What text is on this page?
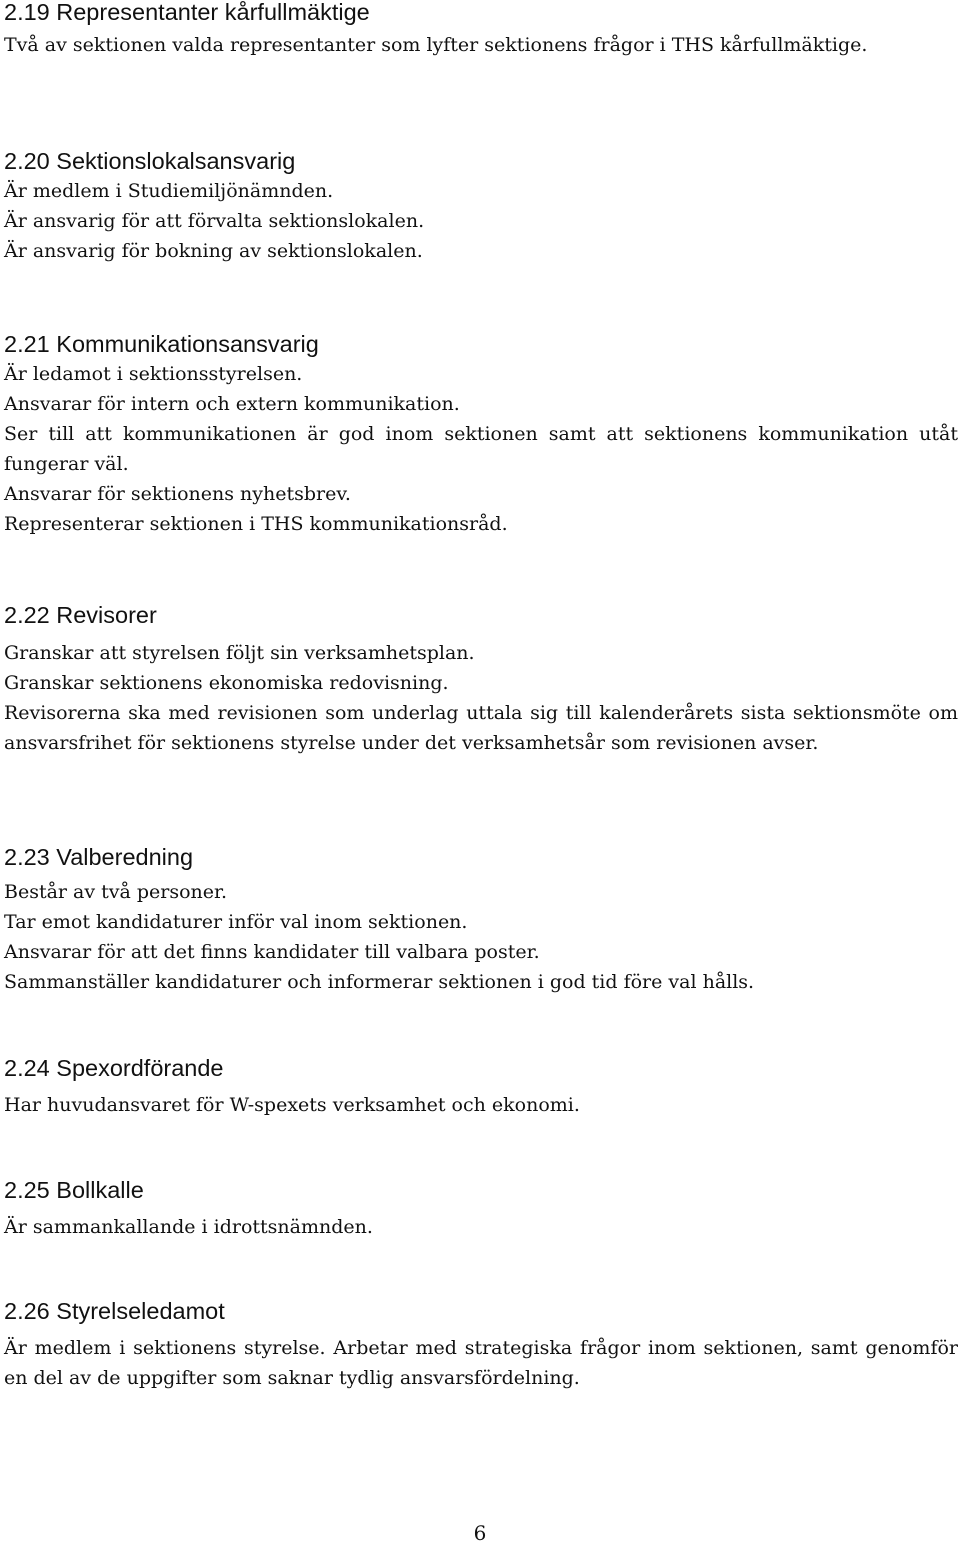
2.19 Representanter kårfullmäktige
Två av sektionen valda representanter som lyfter sektionens frågor i THS kårfullmäktige.
2.20 Sektionslokalsansvarig
Är medlem i Studiemiljönämnden.
Är ansvarig för att förvalta sektionslokalen.
Är ansvarig för bokning av sektionslokalen.
2.21 Kommunikationsansvarig
Är ledamot i sektionsstyrelsen.
Ansvarar för intern och extern kommunikation.
Ser till att kommunikationen är god inom sektionen samt att sektionens kommunikation utåt fungerar väl.
Ansvarar för sektionens nyhetsbrev.
Representerar sektionen i THS kommunikationsråd.
2.22 Revisorer
Granskar att styrelsen följt sin verksamhetsplan.
Granskar sektionens ekonomiska redovisning.
Revisorerna ska med revisionen som underlag uttala sig till kalenderårets sista sektionsmöte om ansvarsfrihet för sektionens styrelse under det verksamhetsår som revisionen avser.
2.23 Valberedning
Består av två personer.
Tar emot kandidaturer inför val inom sektionen.
Ansvarar för att det finns kandidater till valbara poster.
Sammanställer kandidaturer och informerar sektionen i god tid före val hålls.
2.24 Spexordförande
Har huvudansvaret för W-spexets verksamhet och ekonomi.
2.25 Bollkalle
Är sammankallande i idrottsnämnden.
2.26 Styrelseledamot
Är medlem i sektionens styrelse. Arbetar med strategiska frågor inom sektionen, samt genomför en del av de uppgifter som saknar tydlig ansvarsfördelning.
6
